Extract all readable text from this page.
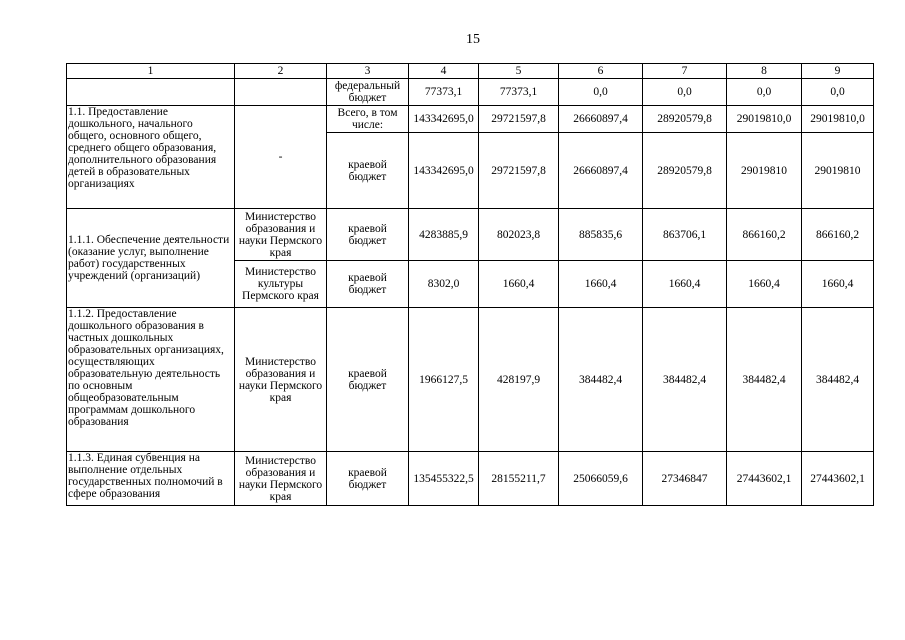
15
1	2	3	4	5	6	7	8	9
		федеральный бюджет	77373,1	77373,1	0,0	0,0	0,0	0,0
1.1. Предоставление дошкольного, начального общего, основного общего, среднего общего образования, дополнительного образования детей в образовательных организациях	-	Всего, в том числе:	143342695,0	29721597,8	26660897,4	28920579,8	29019810,0	29019810,0
		краевой бюджет	143342695,0	29721597,8	26660897,4	28920579,8	29019810	29019810
1.1.1. Обеспечение деятельности (оказание услуг, выполнение работ) государственных учреждений (организаций)	Министерство образования и науки Пермского края	краевой бюджет	4283885,9	802023,8	885835,6	863706,1	866160,2	866160,2
	Министерство культуры Пермского края	краевой бюджет	8302,0	1660,4	1660,4	1660,4	1660,4	1660,4
1.1.2. Предоставление дошкольного образования в частных дошкольных образовательных организациях, осуществляющих образовательную деятельность по основным общеобразовательным программам дошкольного образования	Министерство образования и науки Пермского края	краевой бюджет	1966127,5	428197,9	384482,4	384482,4	384482,4	384482,4
1.1.3. Единая субвенция на выполнение отдельных государственных полномочий в сфере образования	Министерство образования и науки Пермского края	краевой бюджет	135455322,5	28155211,7	25066059,6	27346847	27443602,1	27443602,1
